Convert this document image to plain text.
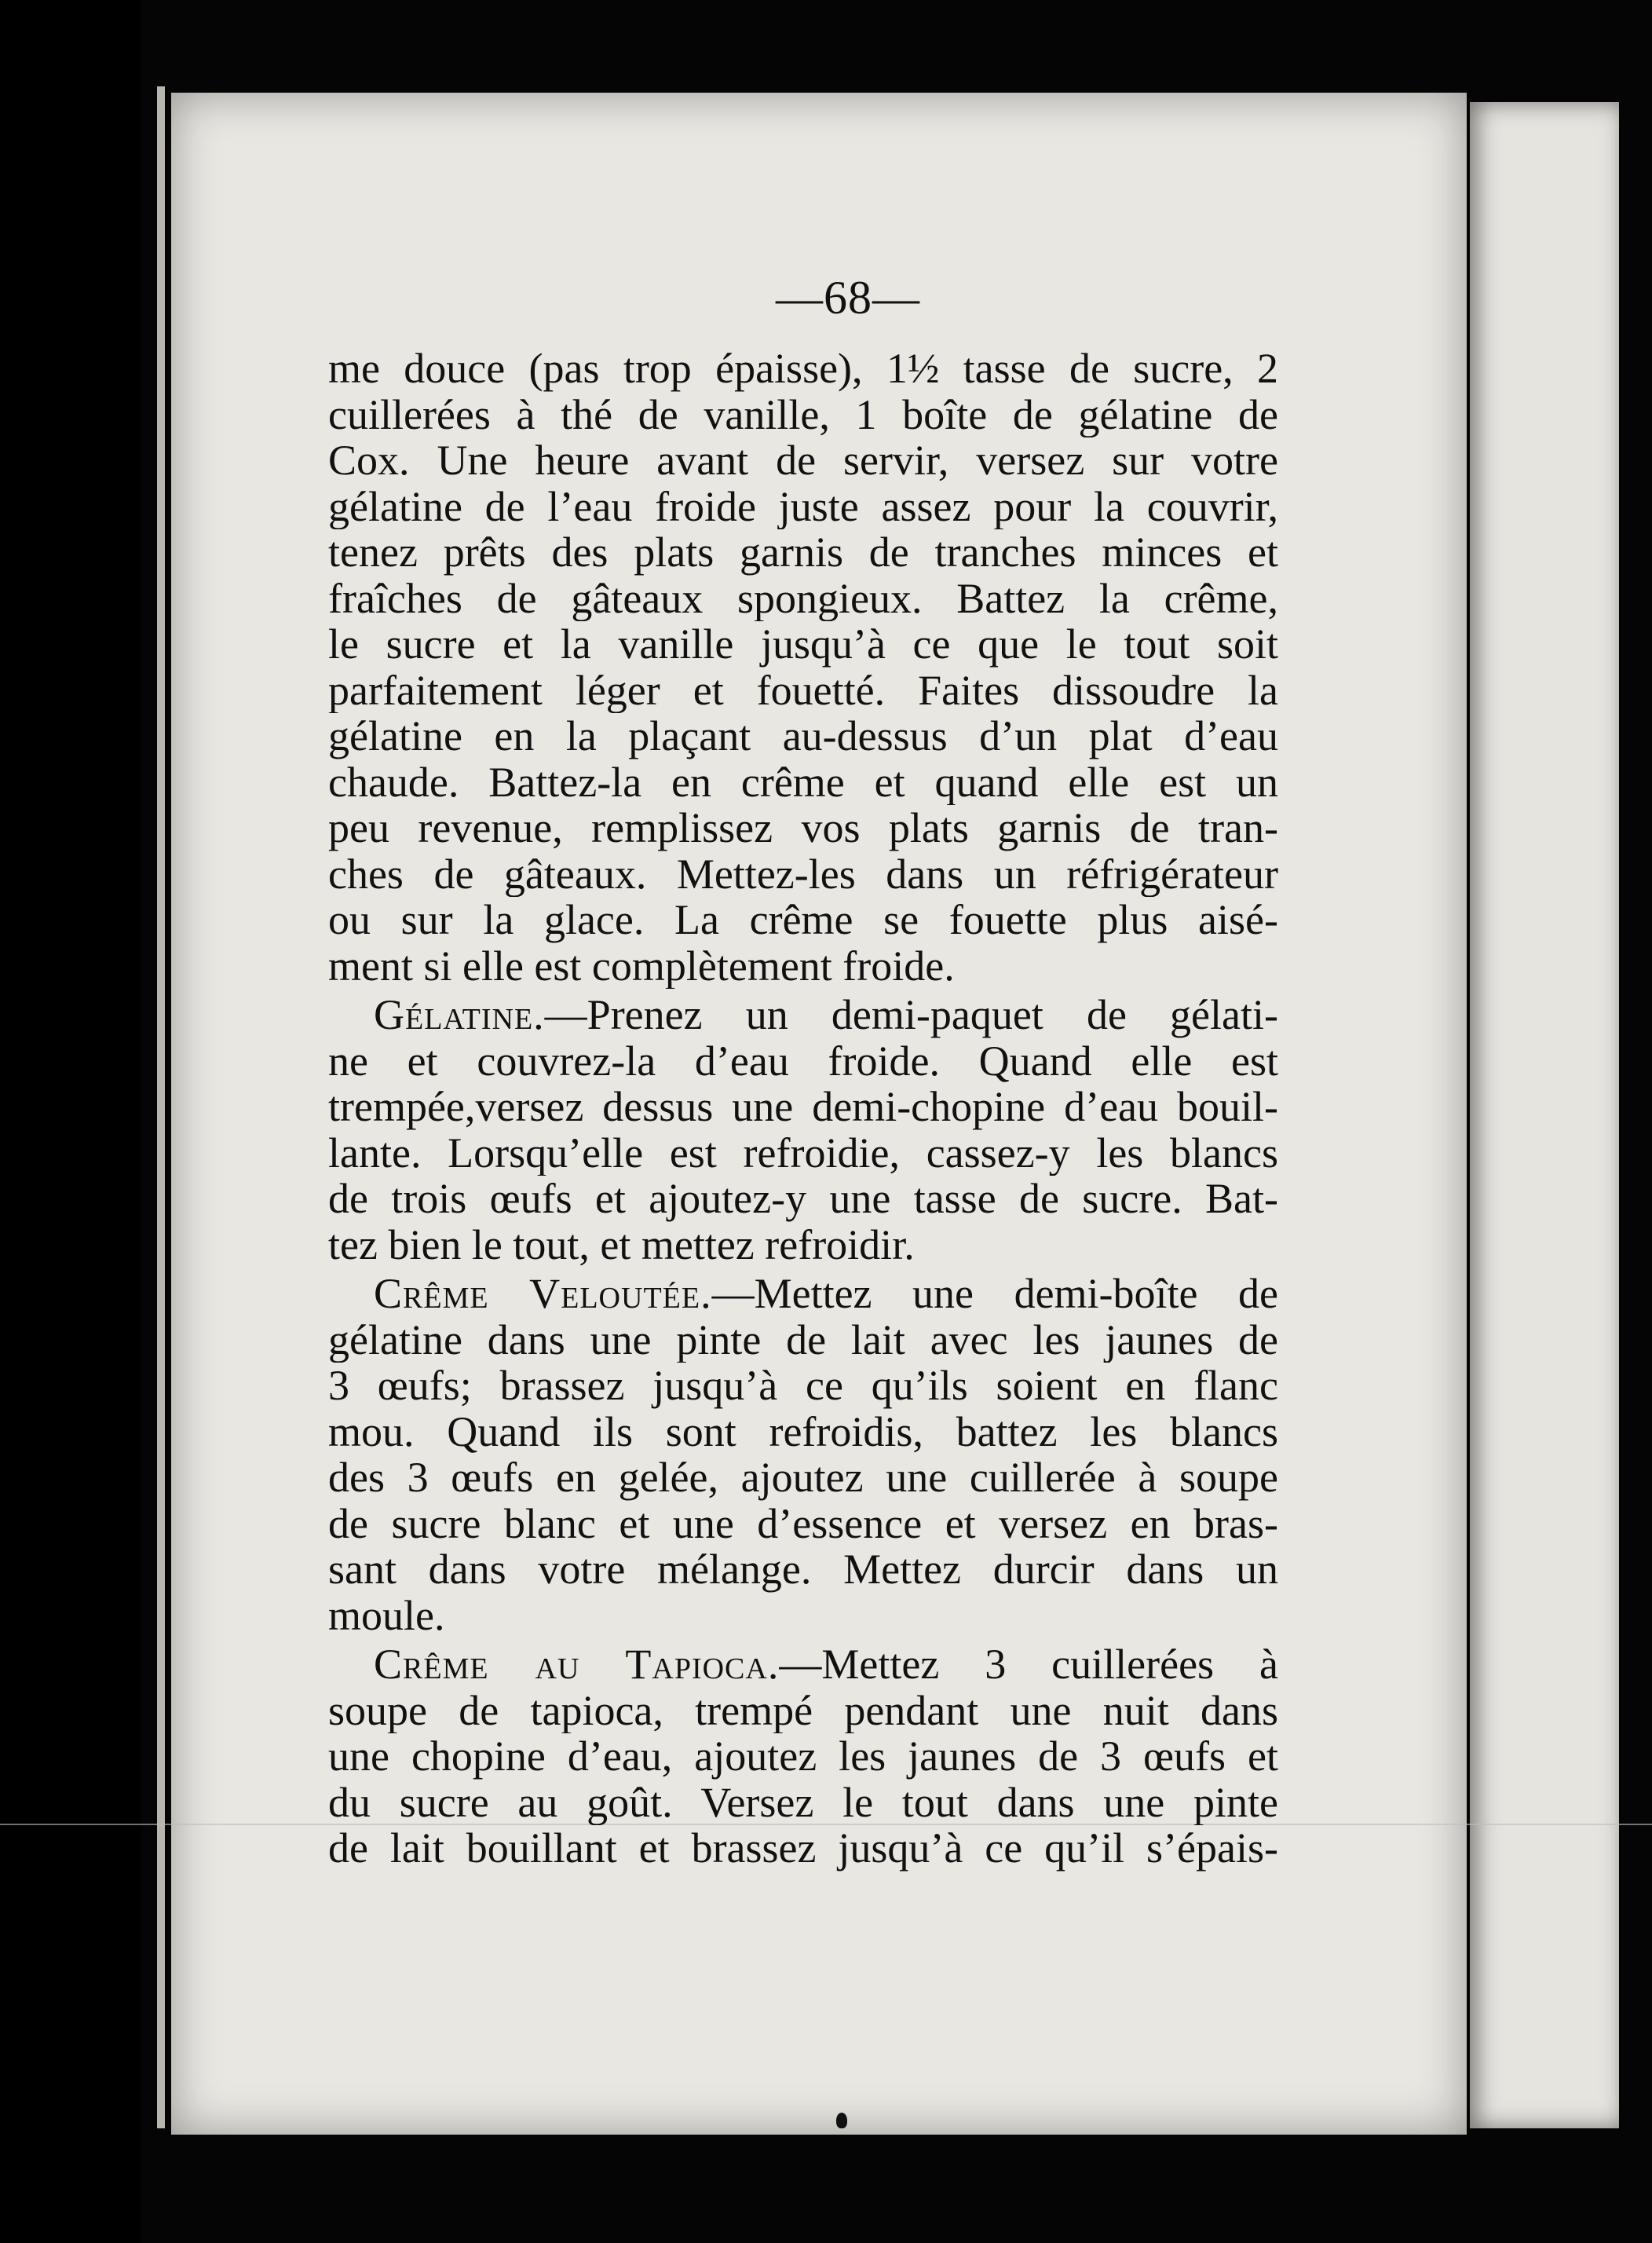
—68—
me douce (pas trop épaisse), 1½ tasse de sucre, 2
cuillerées à thé de vanille, 1 boîte de gélatine de
Cox. Une heure avant de servir, versez sur votre
gélatine de l’eau froide juste assez pour la couvrir,
tenez prêts des plats garnis de tranches minces et
fraîches de gâteaux spongieux. Battez la crême,
le sucre et la vanille jusqu’à ce que le tout soit
parfaitement léger et fouetté. Faites dissoudre la
gélatine en la plaçant au-dessus d’un plat d’eau
chaude. Battez-la en crême et quand elle est un
peu revenue, remplissez vos plats garnis de tran-
ches de gâteaux. Mettez-les dans un réfrigérateur
ou sur la glace. La crême se fouette plus aisé-
ment si elle est complètement froide.
Gélatine.—Prenez un demi-paquet de gélati-
ne et couvrez-la d’eau froide. Quand elle est
trempée,versez dessus une demi-chopine d’eau bouil-
lante. Lorsqu’elle est refroidie, cassez-y les blancs
de trois œufs et ajoutez-y une tasse de sucre. Bat-
tez bien le tout, et mettez refroidir.
Crême Veloutée.—Mettez une demi-boîte de
gélatine dans une pinte de lait avec les jaunes de
3 œufs; brassez jusqu’à ce qu’ils soient en flanc
mou. Quand ils sont refroidis, battez les blancs
des 3 œufs en gelée, ajoutez une cuillerée à soupe
de sucre blanc et une d’essence et versez en bras-
sant dans votre mélange. Mettez durcir dans un
moule.
Crême au Tapioca.—Mettez 3 cuillerées à
soupe de tapioca, trempé pendant une nuit dans
une chopine d’eau, ajoutez les jaunes de 3 œufs et
du sucre au goût. Versez le tout dans une pinte
de lait bouillant et brassez jusqu’à ce qu’il s’épais-
